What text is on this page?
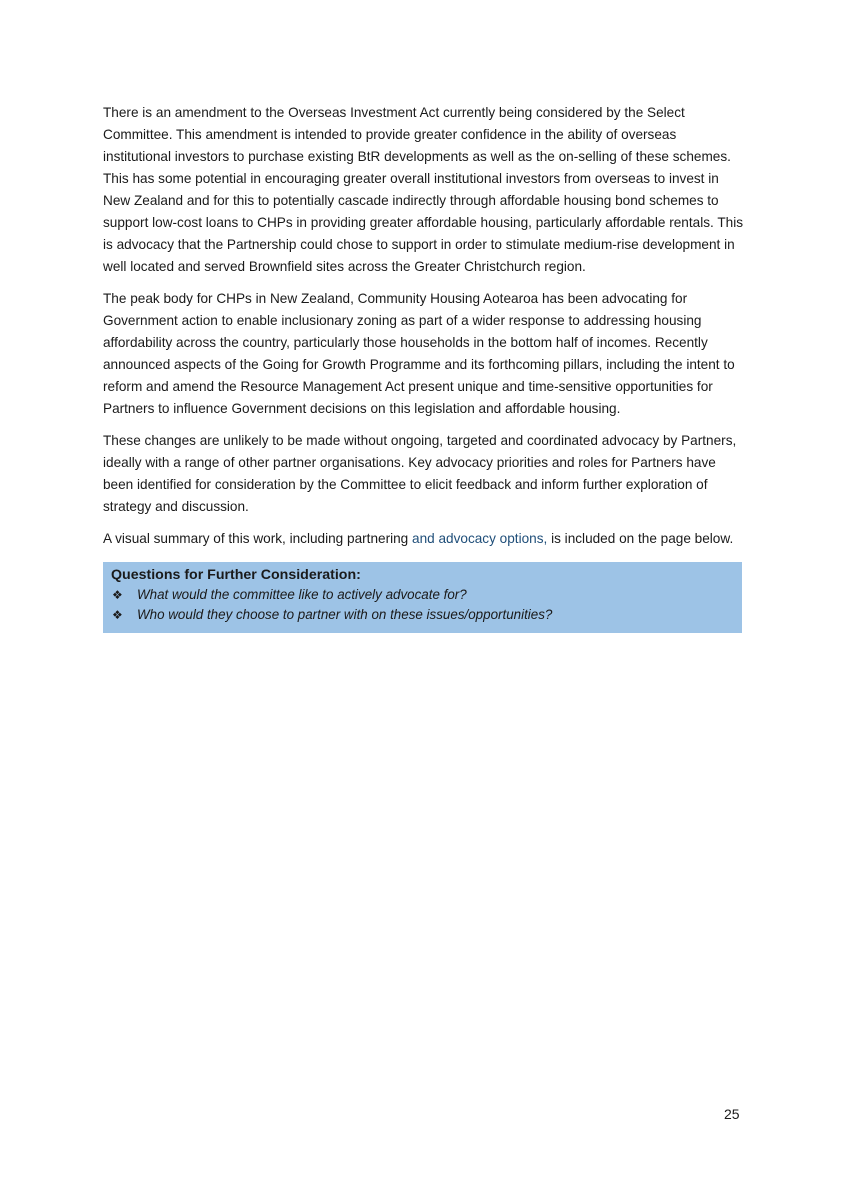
There is an amendment to the Overseas Investment Act currently being considered by the Select Committee. This amendment is intended to provide greater confidence in the ability of overseas institutional investors to purchase existing BtR developments as well as the on-selling of these schemes. This has some potential in encouraging greater overall institutional investors from overseas to invest in New Zealand and for this to potentially cascade indirectly through affordable housing bond schemes to support low-cost loans to CHPs in providing greater affordable housing, particularly affordable rentals. This is advocacy that the Partnership could chose to support in order to stimulate medium-rise development in well located and served Brownfield sites across the Greater Christchurch region.

The peak body for CHPs in New Zealand, Community Housing Aotearoa has been advocating for Government action to enable inclusionary zoning as part of a wider response to addressing housing affordability across the country, particularly those households in the bottom half of incomes. Recently announced aspects of the Going for Growth Programme and its forthcoming pillars, including the intent to reform and amend the Resource Management Act present unique and time-sensitive opportunities for Partners to influence Government decisions on this legislation and affordable housing.

These changes are unlikely to be made without ongoing, targeted and coordinated advocacy by Partners, ideally with a range of other partner organisations. Key advocacy priorities and roles for Partners have been identified for consideration by the Committee to elicit feedback and inform further exploration of strategy and discussion.

A visual summary of this work, including partnering and advocacy options, is included on the page below.

Questions for Further Consideration:

❖	What would the committee like to actively advocate for?
❖	Who would they choose to partner with on these issues/opportunities?
25
